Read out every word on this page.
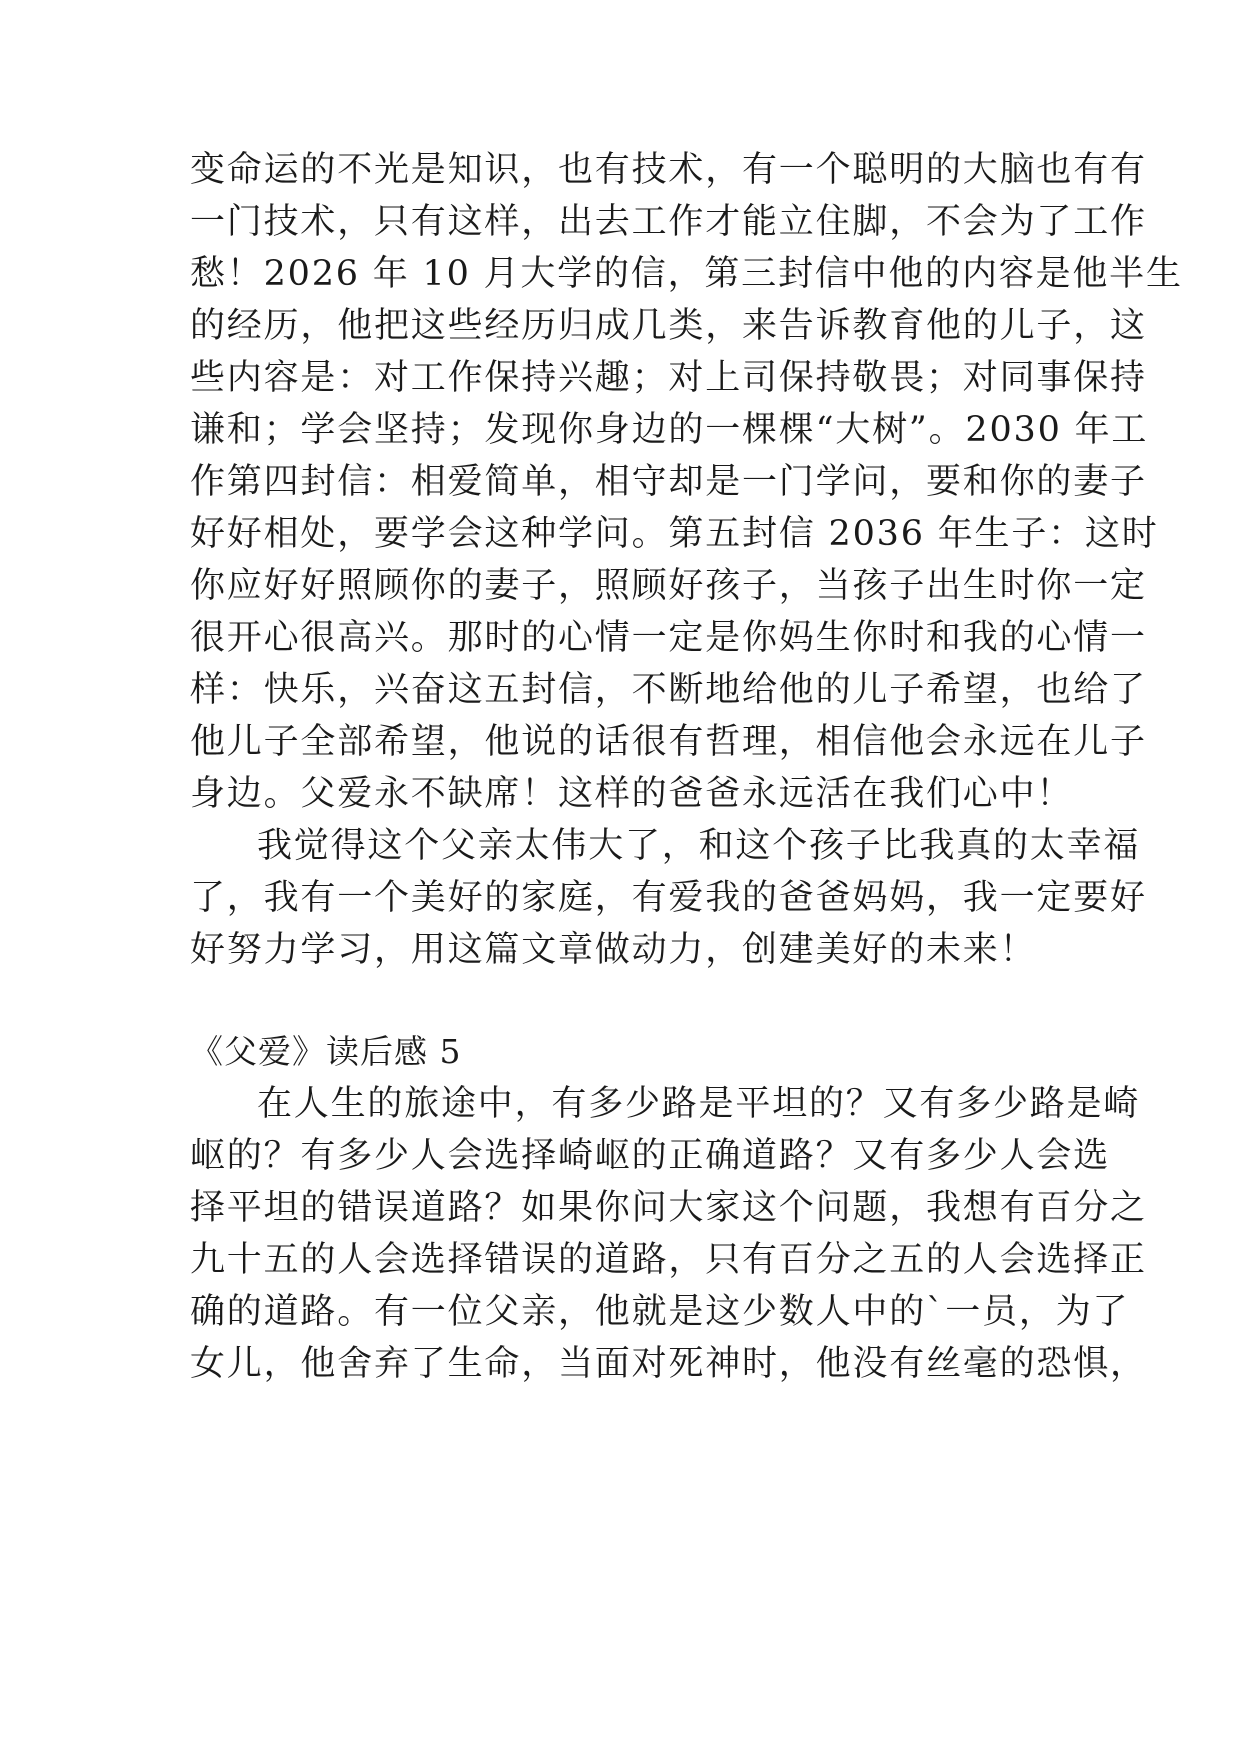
变命运的不光是知识，也有技术，有一个聪明的大脑也有有
一门技术，只有这样，出去工作才能立住脚，不会为了工作
愁！2026 年 10 月大学的信，第三封信中他的内容是他半生
的经历，他把这些经历归成几类，来告诉教育他的儿子，这
些内容是：对工作保持兴趣；对上司保持敬畏；对同事保持
谦和；学会坚持；发现你身边的一棵棵“大树”。2030 年工
作第四封信：相爱简单，相守却是一门学问，要和你的妻子
好好相处，要学会这种学问。第五封信 2036 年生子：这时
你应好好照顾你的妻子，照顾好孩子，当孩子出生时你一定
很开心很高兴。那时的心情一定是你妈生你时和我的心情一
样：快乐，兴奋这五封信，不断地给他的儿子希望，也给了
他儿子全部希望，他说的话很有哲理，相信他会永远在儿子
身边。父爱永不缺席！这样的爸爸永远活在我们心中！
我觉得这个父亲太伟大了，和这个孩子比我真的太幸福
了，我有一个美好的家庭，有爱我的爸爸妈妈，我一定要好
好努力学习，用这篇文章做动力，创建美好的未来！
《父爱》读后感 5
在人生的旅途中，有多少路是平坦的？又有多少路是崎
岖的？有多少人会选择崎岖的正确道路？又有多少人会选
择平坦的错误道路？如果你问大家这个问题，我想有百分之
九十五的人会选择错误的道路，只有百分之五的人会选择正
确的道路。有一位父亲，他就是这少数人中的`一员，为了
女儿，他舍弃了生命，当面对死神时，他没有丝毫的恐惧，
